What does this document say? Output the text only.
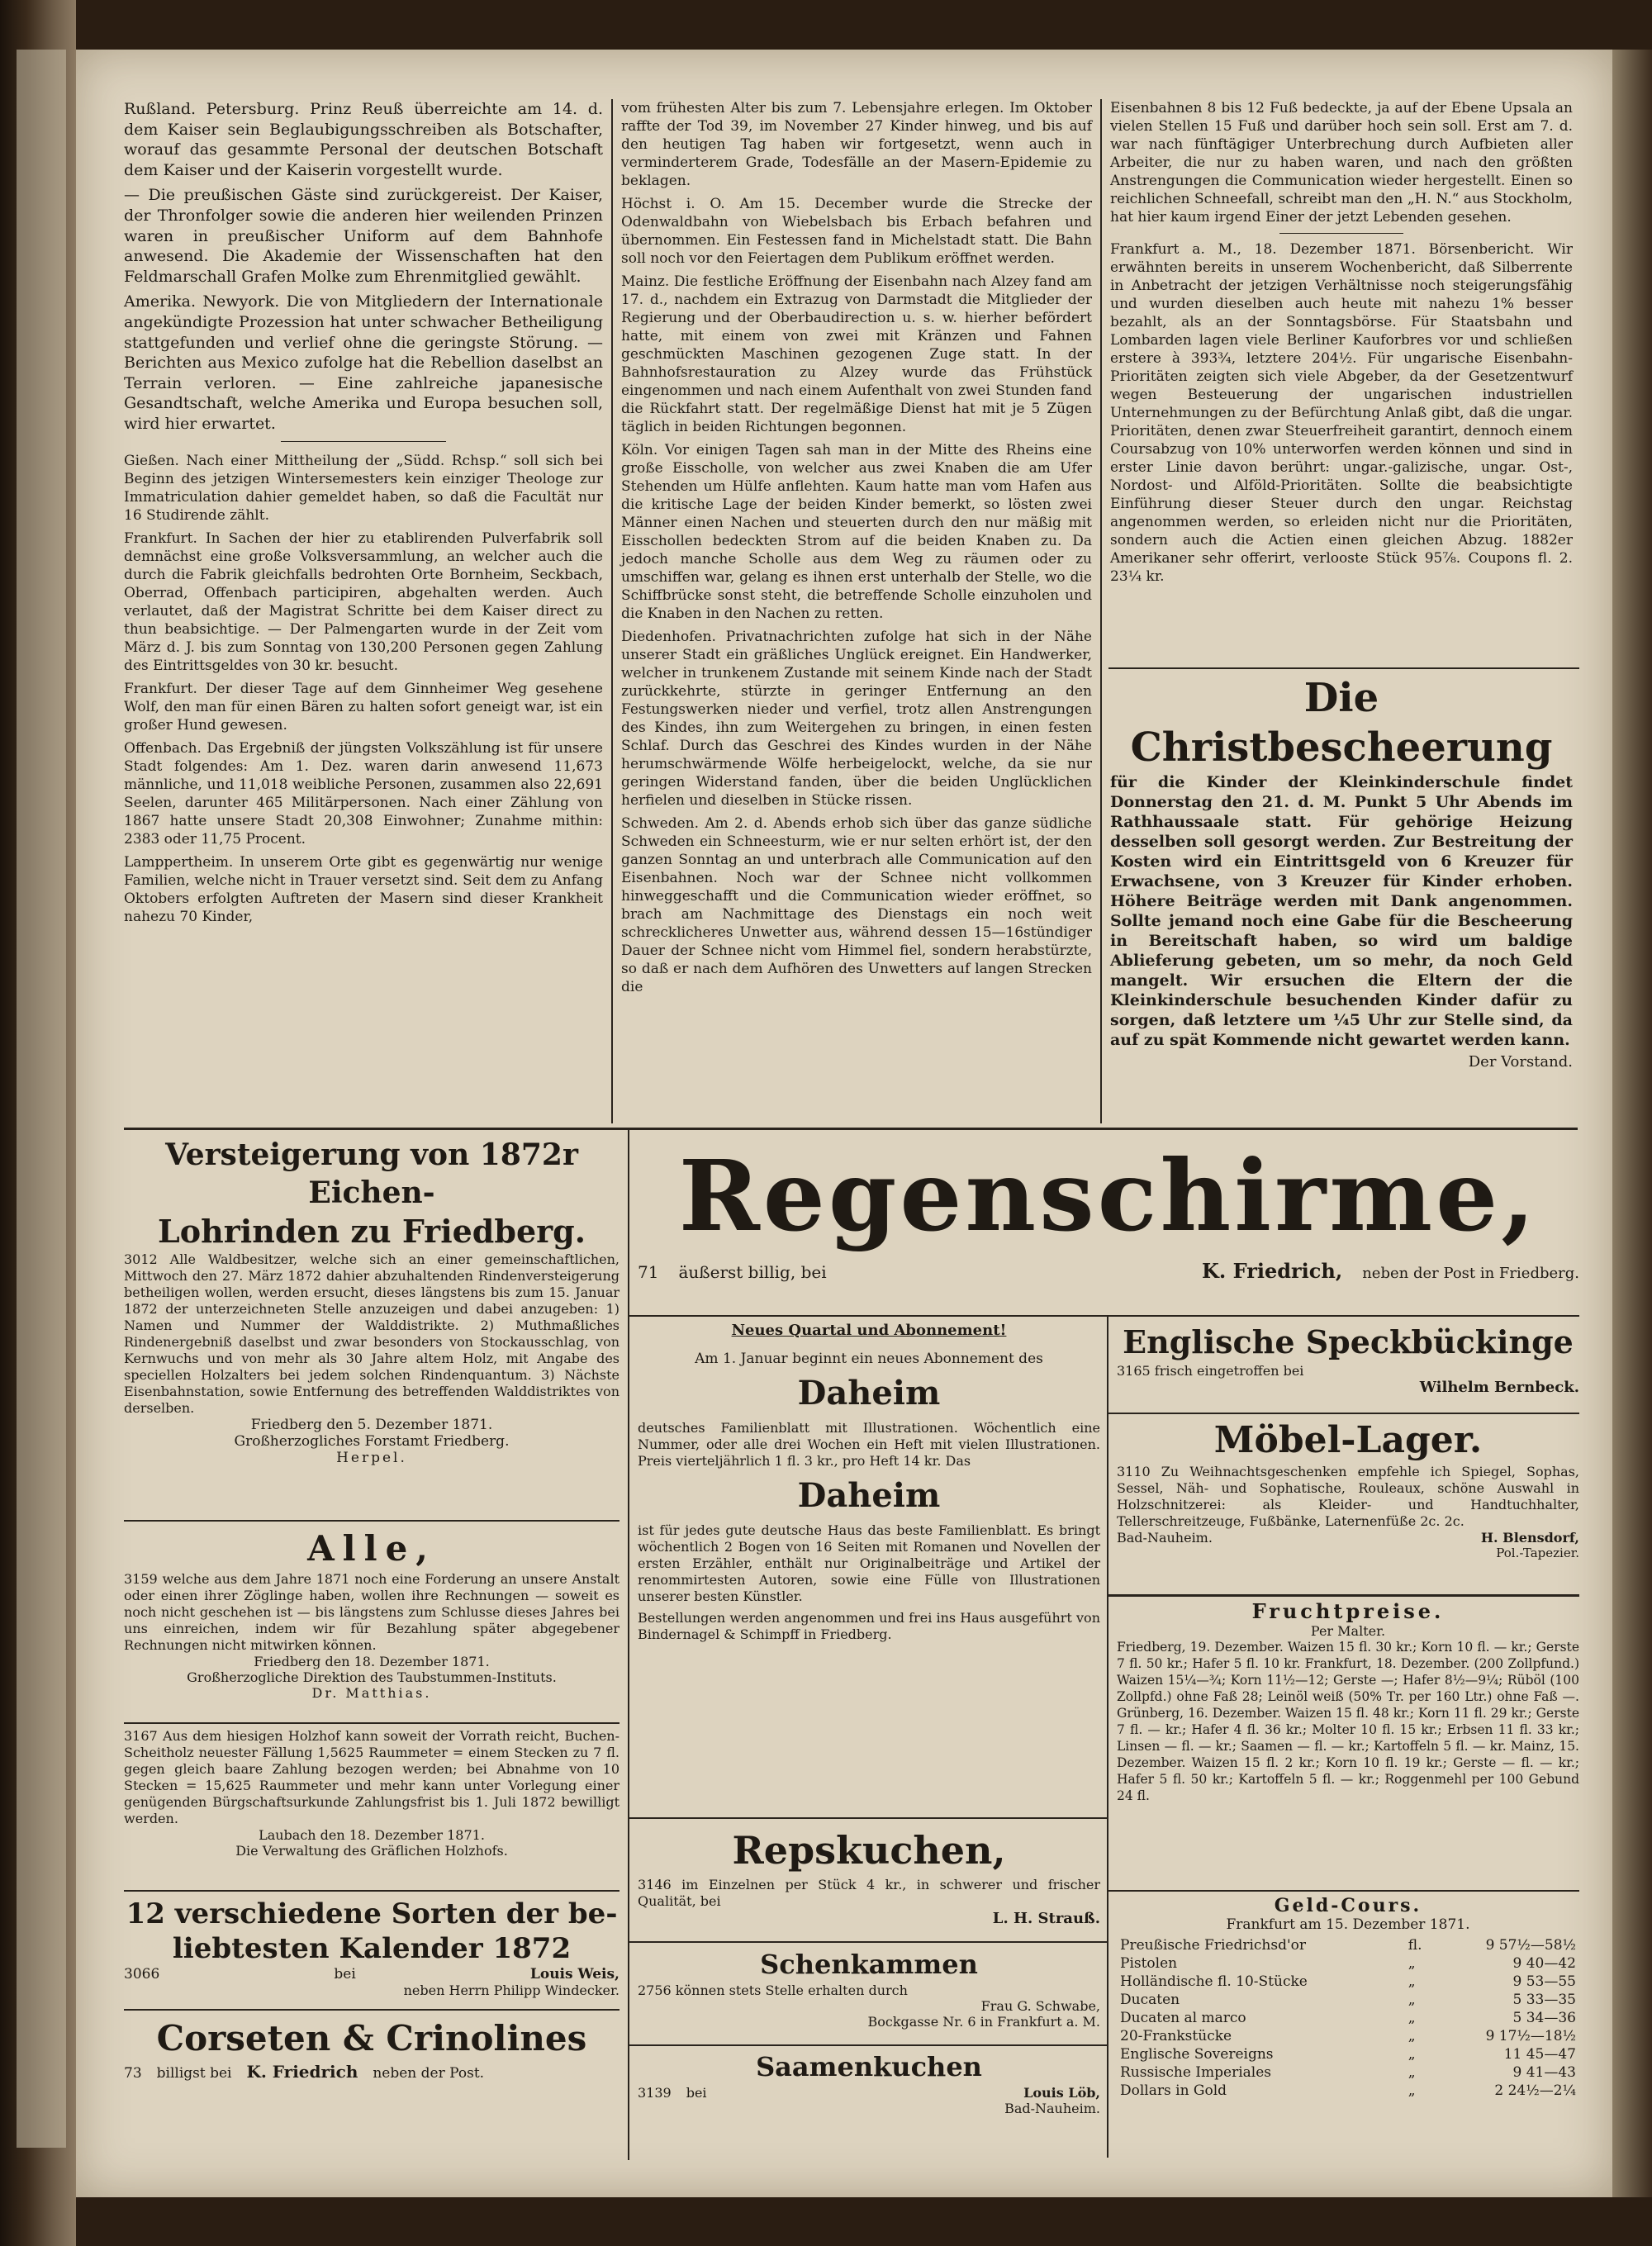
Rußland. Petersburg. Prinz Reuß überreichte am 14. d. dem Kaiser sein Beglaubigungsschreiben als Botschafter, worauf das gesammte Personal der deutschen Botschaft dem Kaiser und der Kaiserin vorgestellt wurde.

— Die preußischen Gäste sind zurückgereist. Der Kaiser, der Thronfolger sowie die anderen hier weilenden Prinzen waren in preußischer Uniform auf dem Bahnhofe anwesend. Die Akademie der Wissenschaften hat den Feldmarschall Grafen Molke zum Ehrenmitglied gewählt.

Amerika. Newyork. Die von Mitgliedern der Internationale angekündigte Prozession hat unter schwacher Betheiligung stattgefunden und verlief ohne die geringste Störung. — Berichten aus Mexico zufolge hat die Rebellion daselbst an Terrain verloren. — Eine zahlreiche japanesische Gesandtschaft, welche Amerika und Europa besuchen soll, wird hier erwartet.

Gießen. Nach einer Mittheilung der „Südd. Rchsp.“ soll sich bei Beginn des jetzigen Wintersemesters kein einziger Theologe zur Immatriculation dahier gemeldet haben, so daß die Facultät nur 16 Studirende zählt.

Frankfurt. In Sachen der hier zu etablirenden Pulverfabrik soll demnächst eine große Volksversammlung, an welcher auch die durch die Fabrik gleichfalls bedrohten Orte Bornheim, Seckbach, Oberrad, Offenbach participiren, abgehalten werden. Auch verlautet, daß der Magistrat Schritte bei dem Kaiser direct zu thun beabsichtige. — Der Palmengarten wurde in der Zeit vom März d. J. bis zum Sonntag von 130,200 Personen gegen Zahlung des Eintrittsgeldes von 30 kr. besucht.

Frankfurt. Der dieser Tage auf dem Ginnheimer Weg gesehene Wolf, den man für einen Bären zu halten sofort geneigt war, ist ein großer Hund gewesen.

Offenbach. Das Ergebniß der jüngsten Volkszählung ist für unsere Stadt folgendes: Am 1. Dez. waren darin anwesend 11,673 männliche, und 11,018 weibliche Personen, zusammen also 22,691 Seelen, darunter 465 Militärpersonen. Nach einer Zählung von 1867 hatte unsere Stadt 20,308 Einwohner; Zunahme mithin: 2383 oder 11,75 Procent.

Lamppertheim. In unserem Orte gibt es gegenwärtig nur wenige Familien, welche nicht in Trauer versetzt sind. Seit dem zu Anfang Oktobers erfolgten Auftreten der Masern sind dieser Krankheit nahezu 70 Kinder,

vom frühesten Alter bis zum 7. Lebensjahre erlegen. Im Oktober raffte der Tod 39, im November 27 Kinder hinweg, und bis auf den heutigen Tag haben wir fortgesetzt, wenn auch in verminderterem Grade, Todesfälle an der Masern-Epidemie zu beklagen.

Höchst i. O. Am 15. December wurde die Strecke der Odenwaldbahn von Wiebelsbach bis Erbach befahren und übernommen. Ein Festessen fand in Michelstadt statt. Die Bahn soll noch vor den Feiertagen dem Publikum eröffnet werden.

Mainz. Die festliche Eröffnung der Eisenbahn nach Alzey fand am 17. d., nachdem ein Extrazug von Darmstadt die Mitglieder der Regierung und der Oberbaudirection u. s. w. hierher befördert hatte, mit einem von zwei mit Kränzen und Fahnen geschmückten Maschinen gezogenen Zuge statt. In der Bahnhofsrestauration zu Alzey wurde das Frühstück eingenommen und nach einem Aufenthalt von zwei Stunden fand die Rückfahrt statt. Der regelmäßige Dienst hat mit je 5 Zügen täglich in beiden Richtungen begonnen.

Köln. Vor einigen Tagen sah man in der Mitte des Rheins eine große Eisscholle, von welcher aus zwei Knaben die am Ufer Stehenden um Hülfe anflehten. Kaum hatte man vom Hafen aus die kritische Lage der beiden Kinder bemerkt, so lösten zwei Männer einen Nachen und steuerten durch den nur mäßig mit Eisschollen bedeckten Strom auf die beiden Knaben zu. Da jedoch manche Scholle aus dem Weg zu räumen oder zu umschiffen war, gelang es ihnen erst unterhalb der Stelle, wo die Schiffbrücke sonst steht, die betreffende Scholle einzuholen und die Knaben in den Nachen zu retten.

Diedenhofen. Privatnachrichten zufolge hat sich in der Nähe unserer Stadt ein gräßliches Unglück ereignet. Ein Handwerker, welcher in trunkenem Zustande mit seinem Kinde nach der Stadt zurückkehrte, stürzte in geringer Entfernung an den Festungswerken nieder und verfiel, trotz allen Anstrengungen des Kindes, ihn zum Weitergehen zu bringen, in einen festen Schlaf. Durch das Geschrei des Kindes wurden in der Nähe herumschwärmende Wölfe herbeigelockt, welche, da sie nur geringen Widerstand fanden, über die beiden Unglücklichen herfielen und dieselben in Stücke rissen.

Schweden. Am 2. d. Abends erhob sich über das ganze südliche Schweden ein Schneesturm, wie er nur selten erhört ist, der den ganzen Sonntag an und unterbrach alle Communication auf den Eisenbahnen. Noch war der Schnee nicht vollkommen hinweggeschafft und die Communication wieder eröffnet, so brach am Nachmittage des Dienstags ein noch weit schrecklicheres Unwetter aus, während dessen 15—16stündiger Dauer der Schnee nicht vom Himmel fiel, sondern herabstürzte, so daß er nach dem Aufhören des Unwetters auf langen Strecken die

Eisenbahnen 8 bis 12 Fuß bedeckte, ja auf der Ebene Upsala an vielen Stellen 15 Fuß und darüber hoch sein soll. Erst am 7. d. war nach fünftägiger Unterbrechung durch Aufbieten aller Arbeiter, die nur zu haben waren, und nach den größten Anstrengungen die Communication wieder hergestellt. Einen so reichlichen Schneefall, schreibt man den „H. N.“ aus Stockholm, hat hier kaum irgend Einer der jetzt Lebenden gesehen.

Frankfurt a. M., 18. Dezember 1871. Börsenbericht. Wir erwähnten bereits in unserem Wochenbericht, daß Silberrente in Anbetracht der jetzigen Verhältnisse noch steigerungsfähig und wurden dieselben auch heute mit nahezu 1% besser bezahlt, als an der Sonntagsbörse. Für Staatsbahn und Lombarden lagen viele Berliner Kauforbres vor und schließen erstere à 393¾, letztere 204½. Für ungarische Eisenbahn-Prioritäten zeigten sich viele Abgeber, da der Gesetzentwurf wegen Besteuerung der ungarischen industriellen Unternehmungen zu der Befürchtung Anlaß gibt, daß die ungar. Prioritäten, denen zwar Steuerfreiheit garantirt, dennoch einem Coursabzug von 10% unterworfen werden können und sind in erster Linie davon berührt: ungar.-galizische, ungar. Ost-, Nordost- und Alföld-Prioritäten. Sollte die beabsichtigte Einführung dieser Steuer durch den ungar. Reichstag angenommen werden, so erleiden nicht nur die Prioritäten, sondern auch die Actien einen gleichen Abzug. 1882er Amerikaner sehr offerirt, verlooste Stück 95⅞. Coupons fl. 2. 23¼ kr.

Die Christbescheerung
für die Kinder der Kleinkinderschule findet Donnerstag den 21. d. M. Punkt 5 Uhr Abends im Rathhaussaale statt. Für gehörige Heizung desselben soll gesorgt werden. Zur Bestreitung der Kosten wird ein Eintrittsgeld von 6 Kreuzer für Erwachsene, von 3 Kreuzer für Kinder erhoben. Höhere Beiträge werden mit Dank angenommen. Sollte jemand noch eine Gabe für die Bescheerung in Bereitschaft haben, so wird um baldige Ablieferung gebeten, um so mehr, da noch Geld mangelt. Wir ersuchen die Eltern der die Kleinkinderschule besuchenden Kinder dafür zu sorgen, daß letztere um ¼5 Uhr zur Stelle sind, da auf zu spät Kommende nicht gewartet werden kann.
Der Vorstand.
Versteigerung von 1872r Eichen-
Lohrinden zu Friedberg.
3012 Alle Waldbesitzer, welche sich an einer gemeinschaftlichen, Mittwoch den 27. März 1872 dahier abzuhaltenden Rindenversteigerung betheiligen wollen, werden ersucht, dieses längstens bis zum 15. Januar 1872 der unterzeichneten Stelle anzuzeigen und dabei anzugeben: 1) Namen und Nummer der Walddistrikte. 2) Muthmaßliches Rindenergebniß daselbst und zwar besonders von Stockausschlag, von Kernwuchs und von mehr als 30 Jahre altem Holz, mit Angabe des speciellen Holzalters bei jedem solchen Rindenquantum. 3) Nächste Eisenbahnstation, sowie Entfernung des betreffenden Walddistriktes von derselben.
Friedberg den 5. Dezember 1871.
Großherzogliches Forstamt Friedberg.
Herpel.
Alle,
3159 welche aus dem Jahre 1871 noch eine Forderung an unsere Anstalt oder einen ihrer Zöglinge haben, wollen ihre Rechnungen — soweit es noch nicht geschehen ist — bis längstens zum Schlusse dieses Jahres bei uns einreichen, indem wir für Bezahlung später abgegebener Rechnungen nicht mitwirken können.
Friedberg den 18. Dezember 1871.
Großherzogliche Direktion des Taubstummen-Instituts.
Dr. Matthias.
3167 Aus dem hiesigen Holzhof kann soweit der Vorrath reicht, Buchen-Scheitholz neuester Fällung 1,5625 Raummeter = einem Stecken zu 7 fl. gegen gleich baare Zahlung bezogen werden; bei Abnahme von 10 Stecken = 15,625 Raummeter und mehr kann unter Vorlegung einer genügenden Bürgschaftsurkunde Zahlungsfrist bis 1. Juli 1872 bewilligt werden.
Laubach den 18. Dezember 1871.
Die Verwaltung des Gräflichen Holzhofs.
12 verschiedene Sorten der be-
liebtesten Kalender 1872
3066	bei	Louis Weis,
neben Herrn Philipp Windecker.
Corseten & Crinolines
73 billigst bei K. Friedrich neben der Post.
Regenschirme,
71 äußerst billig, bei	K. Friedrich, neben der Post in Friedberg.
Neues Quartal und Abonnement!
Am 1. Januar beginnt ein neues Abonnement des
Daheim
deutsches Familienblatt mit Illustrationen. Wöchentlich eine Nummer, oder alle drei Wochen ein Heft mit vielen Illustrationen. Preis vierteljährlich 1 fl. 3 kr., pro Heft 14 kr. Das
Daheim
ist für jedes gute deutsche Haus das beste Familienblatt. Es bringt wöchentlich 2 Bogen von 16 Seiten mit Romanen und Novellen der ersten Erzähler, enthält nur Originalbeiträge und Artikel der renommirtesten Autoren, sowie eine Fülle von Illustrationen unserer besten Künstler.
Bestellungen werden angenommen und frei ins Haus ausgeführt von Bindernagel & Schimpff in Friedberg.
Repskuchen,
3146 im Einzelnen per Stück 4 kr., in schwerer und frischer Qualität, bei
L. H. Strauß.
Schenkammen
2756 können stets Stelle erhalten durch
Frau G. Schwabe,
Bockgasse Nr. 6 in Frankfurt a. M.
Saamenkuchen
3139 bei	Louis Löb,
Bad-Nauheim.
Englische Speckbückinge
3165 frisch eingetroffen bei
Wilhelm Bernbeck.
Möbel-Lager.
3110 Zu Weihnachtsgeschenken empfehle ich Spiegel, Sophas, Sessel, Näh- und Sophatische, Rouleaux, schöne Auswahl in Holzschnitzerei: als Kleider- und Handtuchhalter, Tellerschreitzeuge, Fußbänke, Laternenfüße 2c. 2c.
Bad-Nauheim.	H. Blensdorf,
Pol.-Tapezier.
Fruchtpreise.
Per Malter.
Friedberg, 19. Dezember. Waizen 15 fl. 30 kr.; Korn 10 fl. — kr.; Gerste 7 fl. 50 kr.; Hafer 5 fl. 10 kr. Frankfurt, 18. Dezember. (200 Zollpfund.) Waizen 15¼—¾; Korn 11½—12; Gerste —; Hafer 8½—9¼; Rüböl (100 Zollpfd.) ohne Faß 28; Leinöl weiß (50% Tr. per 160 Ltr.) ohne Faß —. Grünberg, 16. Dezember. Waizen 15 fl. 48 kr.; Korn 11 fl. 29 kr.; Gerste 7 fl. — kr.; Hafer 4 fl. 36 kr.; Molter 10 fl. 15 kr.; Erbsen 11 fl. 33 kr.; Linsen — fl. — kr.; Saamen — fl. — kr.; Kartoffeln 5 fl. — kr. Mainz, 15. Dezember. Waizen 15 fl. 2 kr.; Korn 10 fl. 19 kr.; Gerste — fl. — kr.; Hafer 5 fl. 50 kr.; Kartoffeln 5 fl. — kr.; Roggenmehl per 100 Gebund 24 fl.
Geld-Cours.
Frankfurt am 15. Dezember 1871.
Preußische Friedrichsd'or	fl.	9 57½—58½
Pistolen	„	9 40—42
Holländische fl. 10-Stücke	„	9 53—55
Ducaten	„	5 33—35
Ducaten al marco	„	5 34—36
20-Frankstücke	„	9 17½—18½
Englische Sovereigns	„	11 45—47
Russische Imperiales	„	9 41—43
Dollars in Gold	„	2 24½—2¼
